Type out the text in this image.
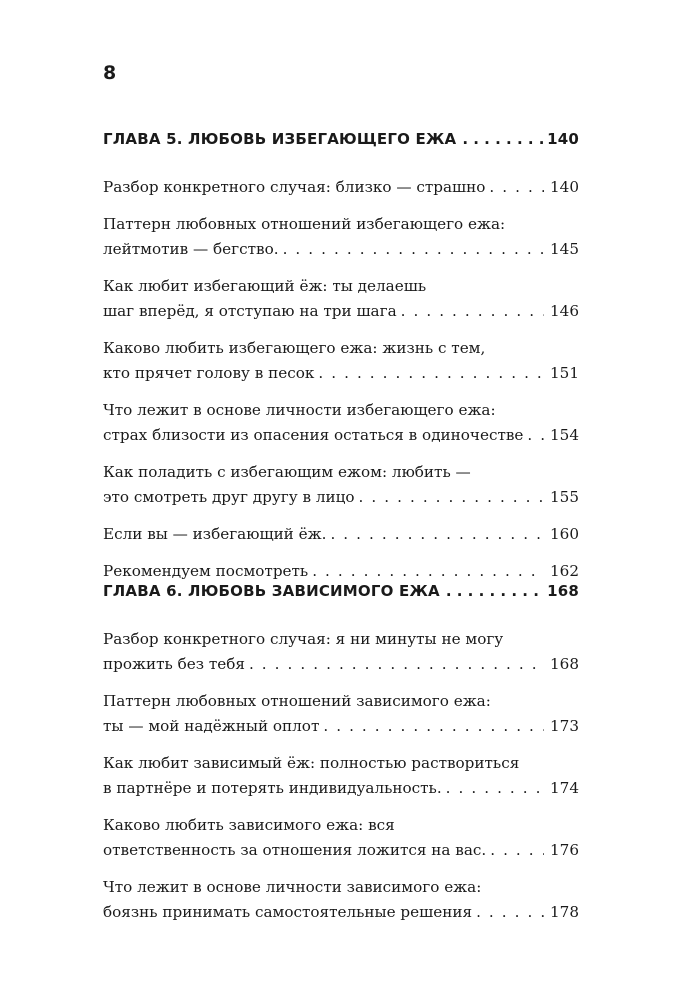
8
ГЛАВА 5. ЛЮБОВЬ ИЗБЕГАЮЩЕГО ЕЖА . . .	140
Разбор конкретного случая: близко — страшно . . .	140
Паттерн любовных отношений избегающего ежа:
лейтмотив — бегство. . . .	145
Как любит избегающий ёж: ты делаешь
шаг вперёд, я отступаю на три шага . . .	146
Каково любить избегающего ежа: жизнь с тем,
кто прячет голову в песок . . .	151
Что лежит в основе личности избегающего ежа:
страх близости из опасения остаться в одиночестве . . . 154
Как поладить с избегающим ежом: любить —
это смотреть друг другу в лицо . . .	155
Если вы — избегающий ёж. . . .	160
Рекомендуем посмотреть . . .	162
ГЛАВА 6. ЛЮБОВЬ ЗАВИСИМОГО ЕЖА . . .	168
Разбор конкретного случая: я ни минуты не могу
прожить без тебя . . .	168
Паттерн любовных отношений зависимого ежа:
ты — мой надёжный оплот . . .	173
Как любит зависимый ёж: полностью раствориться
в партнёре и потерять индивидуальность. . . .	174
Каково любить зависимого ежа: вся
ответственность за отношения ложится на вас. . . .	176
Что лежит в основе личности зависимого ежа:
боязнь принимать самостоятельные решения . . .	178
